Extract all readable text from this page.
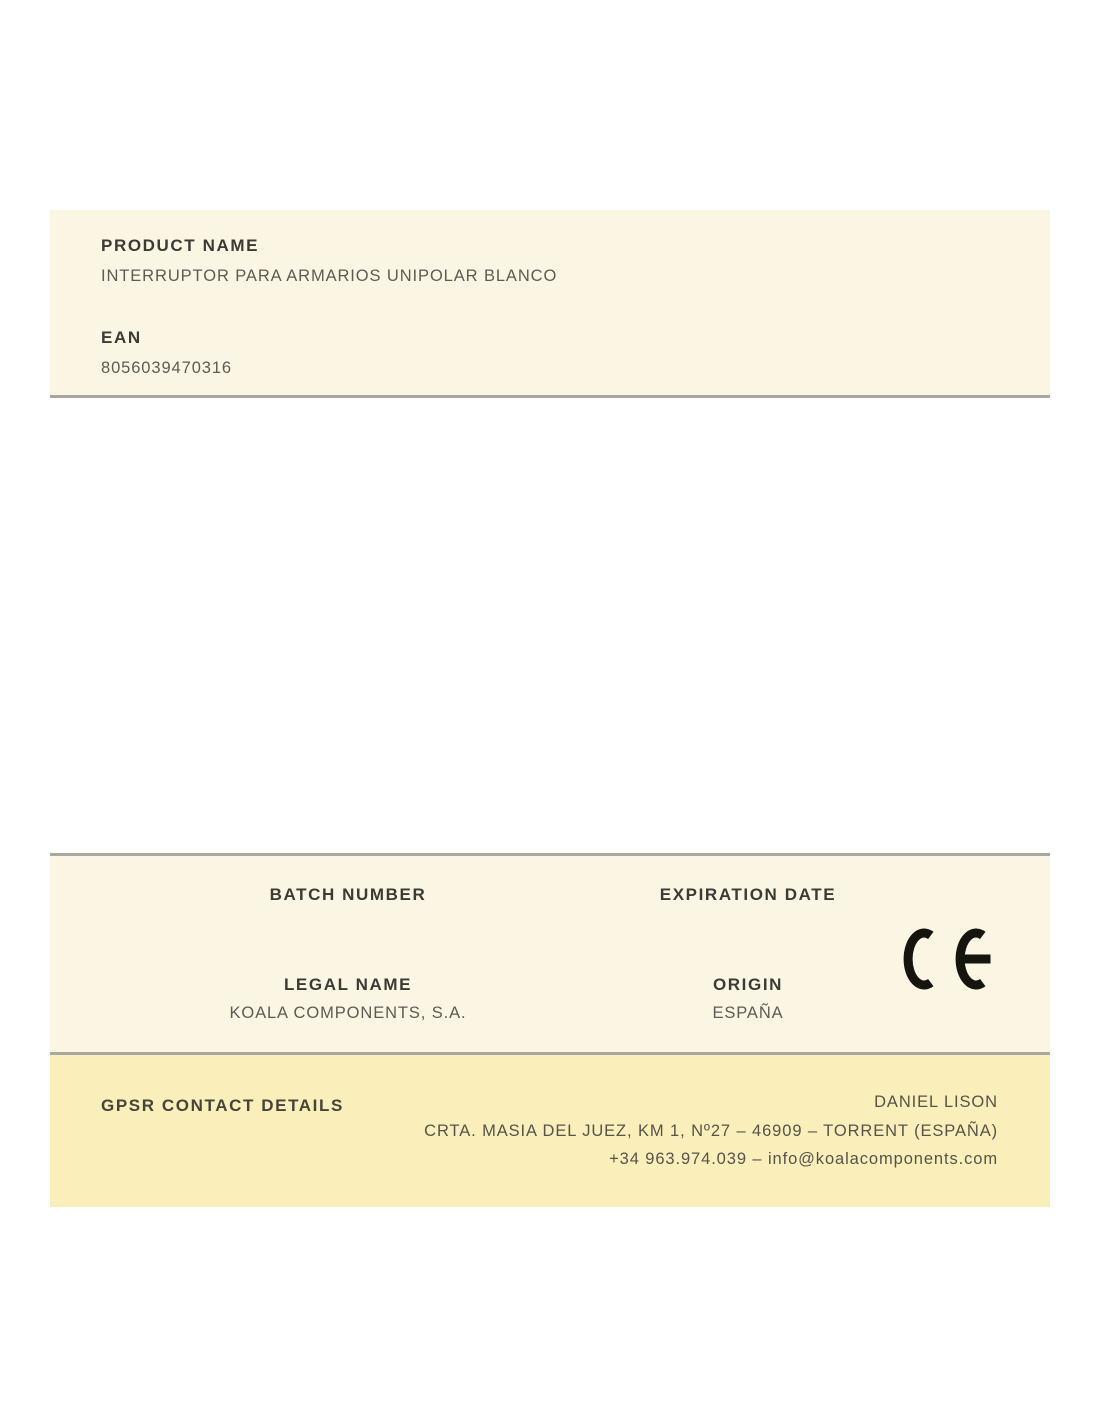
PRODUCT NAME
INTERRUPTOR PARA ARMARIOS UNIPOLAR BLANCO
EAN
8056039470316
BATCH NUMBER
LEGAL NAME
KOALA COMPONENTS, S.A.
EXPIRATION DATE
ORIGIN
ESPAÑA
GPSR CONTACT DETAILS	DANIEL LISON
CRTA. MASIA DEL JUEZ, KM 1, Nº27 – 46909 – TORRENT (ESPAÑA)
+34 963.974.039 – info@koalacomponents.com
